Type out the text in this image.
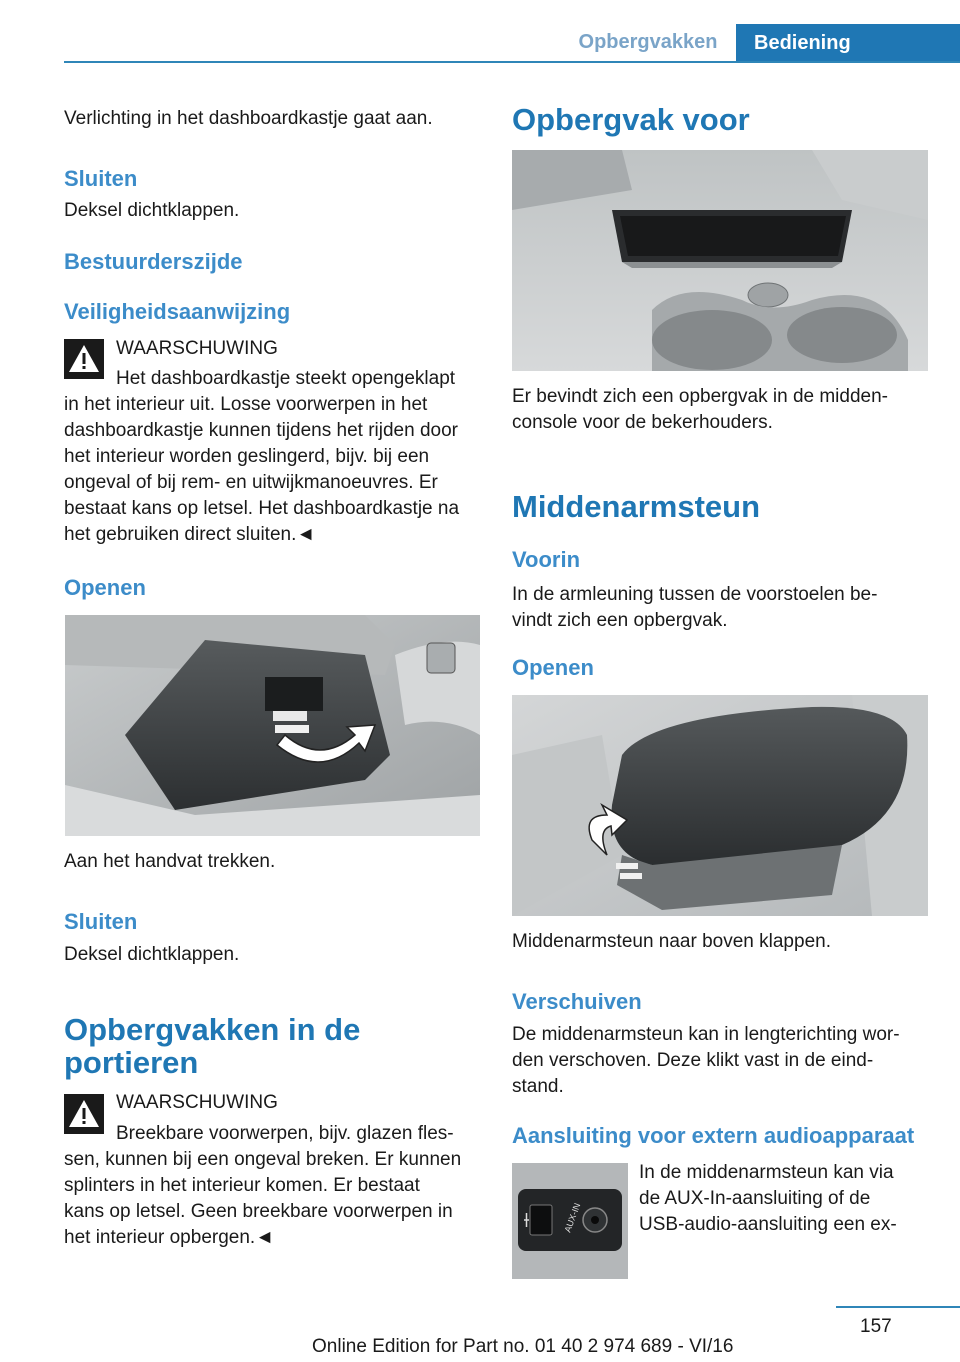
Opbergvakken	Bediening

Verlichting in het dashboardkastje gaat aan.

Sluiten

Deksel dichtklappen.

Bestuurderszijde
Veiligheidsaanwijzing

WAARSCHUWING

Het dashboardkastje steekt opengeklapt

in het interieur uit. Losse voorwerpen in het

dashboardkastje kunnen tijdens het rijden door

het interieur worden geslingerd, bijv. bij een

ongeval of bij rem- en uitwijkmanoeuvres. Er

bestaat kans op letsel. Het dashboardkastje na

het gebruiken direct sluiten.◄

Openen

Aan het handvat trekken.

Sluiten

Deksel dichtklappen.

Opbergvakken in de
portieren

WAARSCHUWING

Breekbare voorwerpen, bijv. glazen fles‐

sen, kunnen bij een ongeval breken. Er kunnen

splinters in het interieur komen. Er bestaat

kans op letsel. Geen breekbare voorwerpen in

het interieur opbergen.◄

Opbergvak voor

Er bevindt zich een opbergvak in de midden‐

console voor de bekerhouders.

Middenarmsteun
Voorin

In de armleuning tussen de voorstoelen be‐

vindt zich een opbergvak.

Openen

Middenarmsteun naar boven klappen.

Verschuiven

De middenarmsteun kan in lengterichting wor‐

den verschoven. Deze klikt vast in de eind‐

stand.

Aansluiting voor extern audioapparaat
AUX-IN

In de middenarmsteun kan via

de AUX-In-aansluiting of de

USB-audio-aansluiting een ex‐

157
Online Edition for Part no. 01 40 2 974 689 - VI/16
